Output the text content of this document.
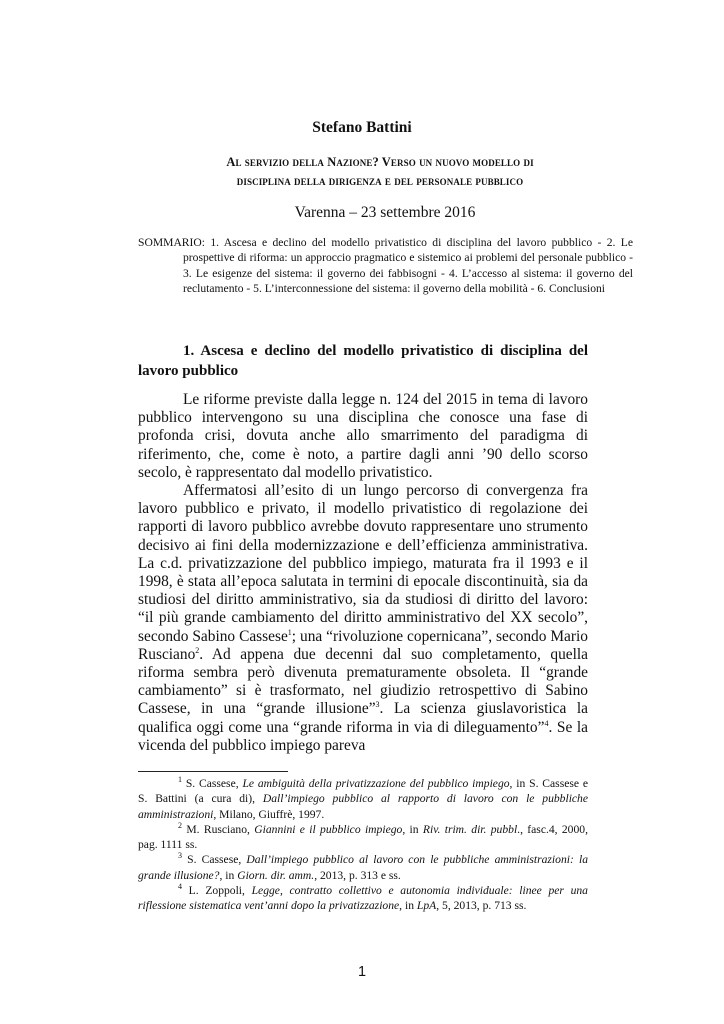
Stefano Battini
Al servizio della Nazione? Verso un nuovo modello di
disciplina della dirigenza e del personale pubblico
Varenna – 23 settembre 2016
SOMMARIO: 1. Ascesa e declino del modello privatistico di disciplina del lavoro pubblico - 2. Le prospettive di riforma: un approccio pragmatico e sistemico ai problemi del personale pubblico - 3. Le esigenze del sistema: il governo dei fabbisogni - 4. L’accesso al sistema: il governo del reclutamento - 5. L’interconnessione del sistema: il governo della mobilità - 6. Conclusioni
1. Ascesa e declino del modello privatistico di disciplina del lavoro pubblico

Le riforme previste dalla legge n. 124 del 2015 in tema di lavoro pubblico intervengono su una disciplina che conosce una fase di profonda crisi, dovuta anche allo smarrimento del paradigma di riferimento, che, come è noto, a partire dagli anni ’90 dello scorso secolo, è rappresentato dal modello privatistico.

Affermatosi all’esito di un lungo percorso di convergenza fra lavoro pubblico e privato, il modello privatistico di regolazione dei rapporti di lavoro pubblico avrebbe dovuto rappresentare uno strumento decisivo ai fini della modernizzazione e dell’efficienza amministrativa. La c.d. privatizzazione del pubblico impiego, maturata fra il 1993 e il 1998, è stata all’epoca salutata in termini di epocale discontinuità, sia da studiosi del diritto amministrativo, sia da studiosi di diritto del lavoro: “il più grande cambiamento del diritto amministrativo del XX secolo”, secondo Sabino Cassese$^1$; una “rivoluzione copernicana”, secondo Mario Rusciano$^2$. Ad appena due decenni dal suo completamento, quella riforma sembra però divenuta prematuramente obsoleta. Il “grande cambiamento” si è trasformato, nel giudizio retrospettivo di Sabino Cassese, in una “grande illusione”$^3$. La scienza giuslavoristica la qualifica oggi come una “grande riforma in via di dileguamento”$^4$. Se la vicenda del pubblico impiego pareva

$^1$ S. Cassese, Le ambiguità della privatizzazione del pubblico impiego, in S. Cassese e S. Battini (a cura di), Dall’impiego pubblico al rapporto di lavoro con le pubbliche amministrazioni, Milano, Giuffrè, 1997.

$^2$ M. Rusciano, Giannini e il pubblico impiego, in Riv. trim. dir. pubbl., fasc.4, 2000, pag. 1111 ss.

$^3$ S. Cassese, Dall’impiego pubblico al lavoro con le pubbliche amministrazioni: la grande illusione?, in Giorn. dir. amm., 2013, p. 313 e ss.

$^4$ L. Zoppoli, Legge, contratto collettivo e autonomia individuale: linee per una riflessione sistematica vent’anni dopo la privatizzazione, in LpA, 5, 2013, p. 713 ss.

1
